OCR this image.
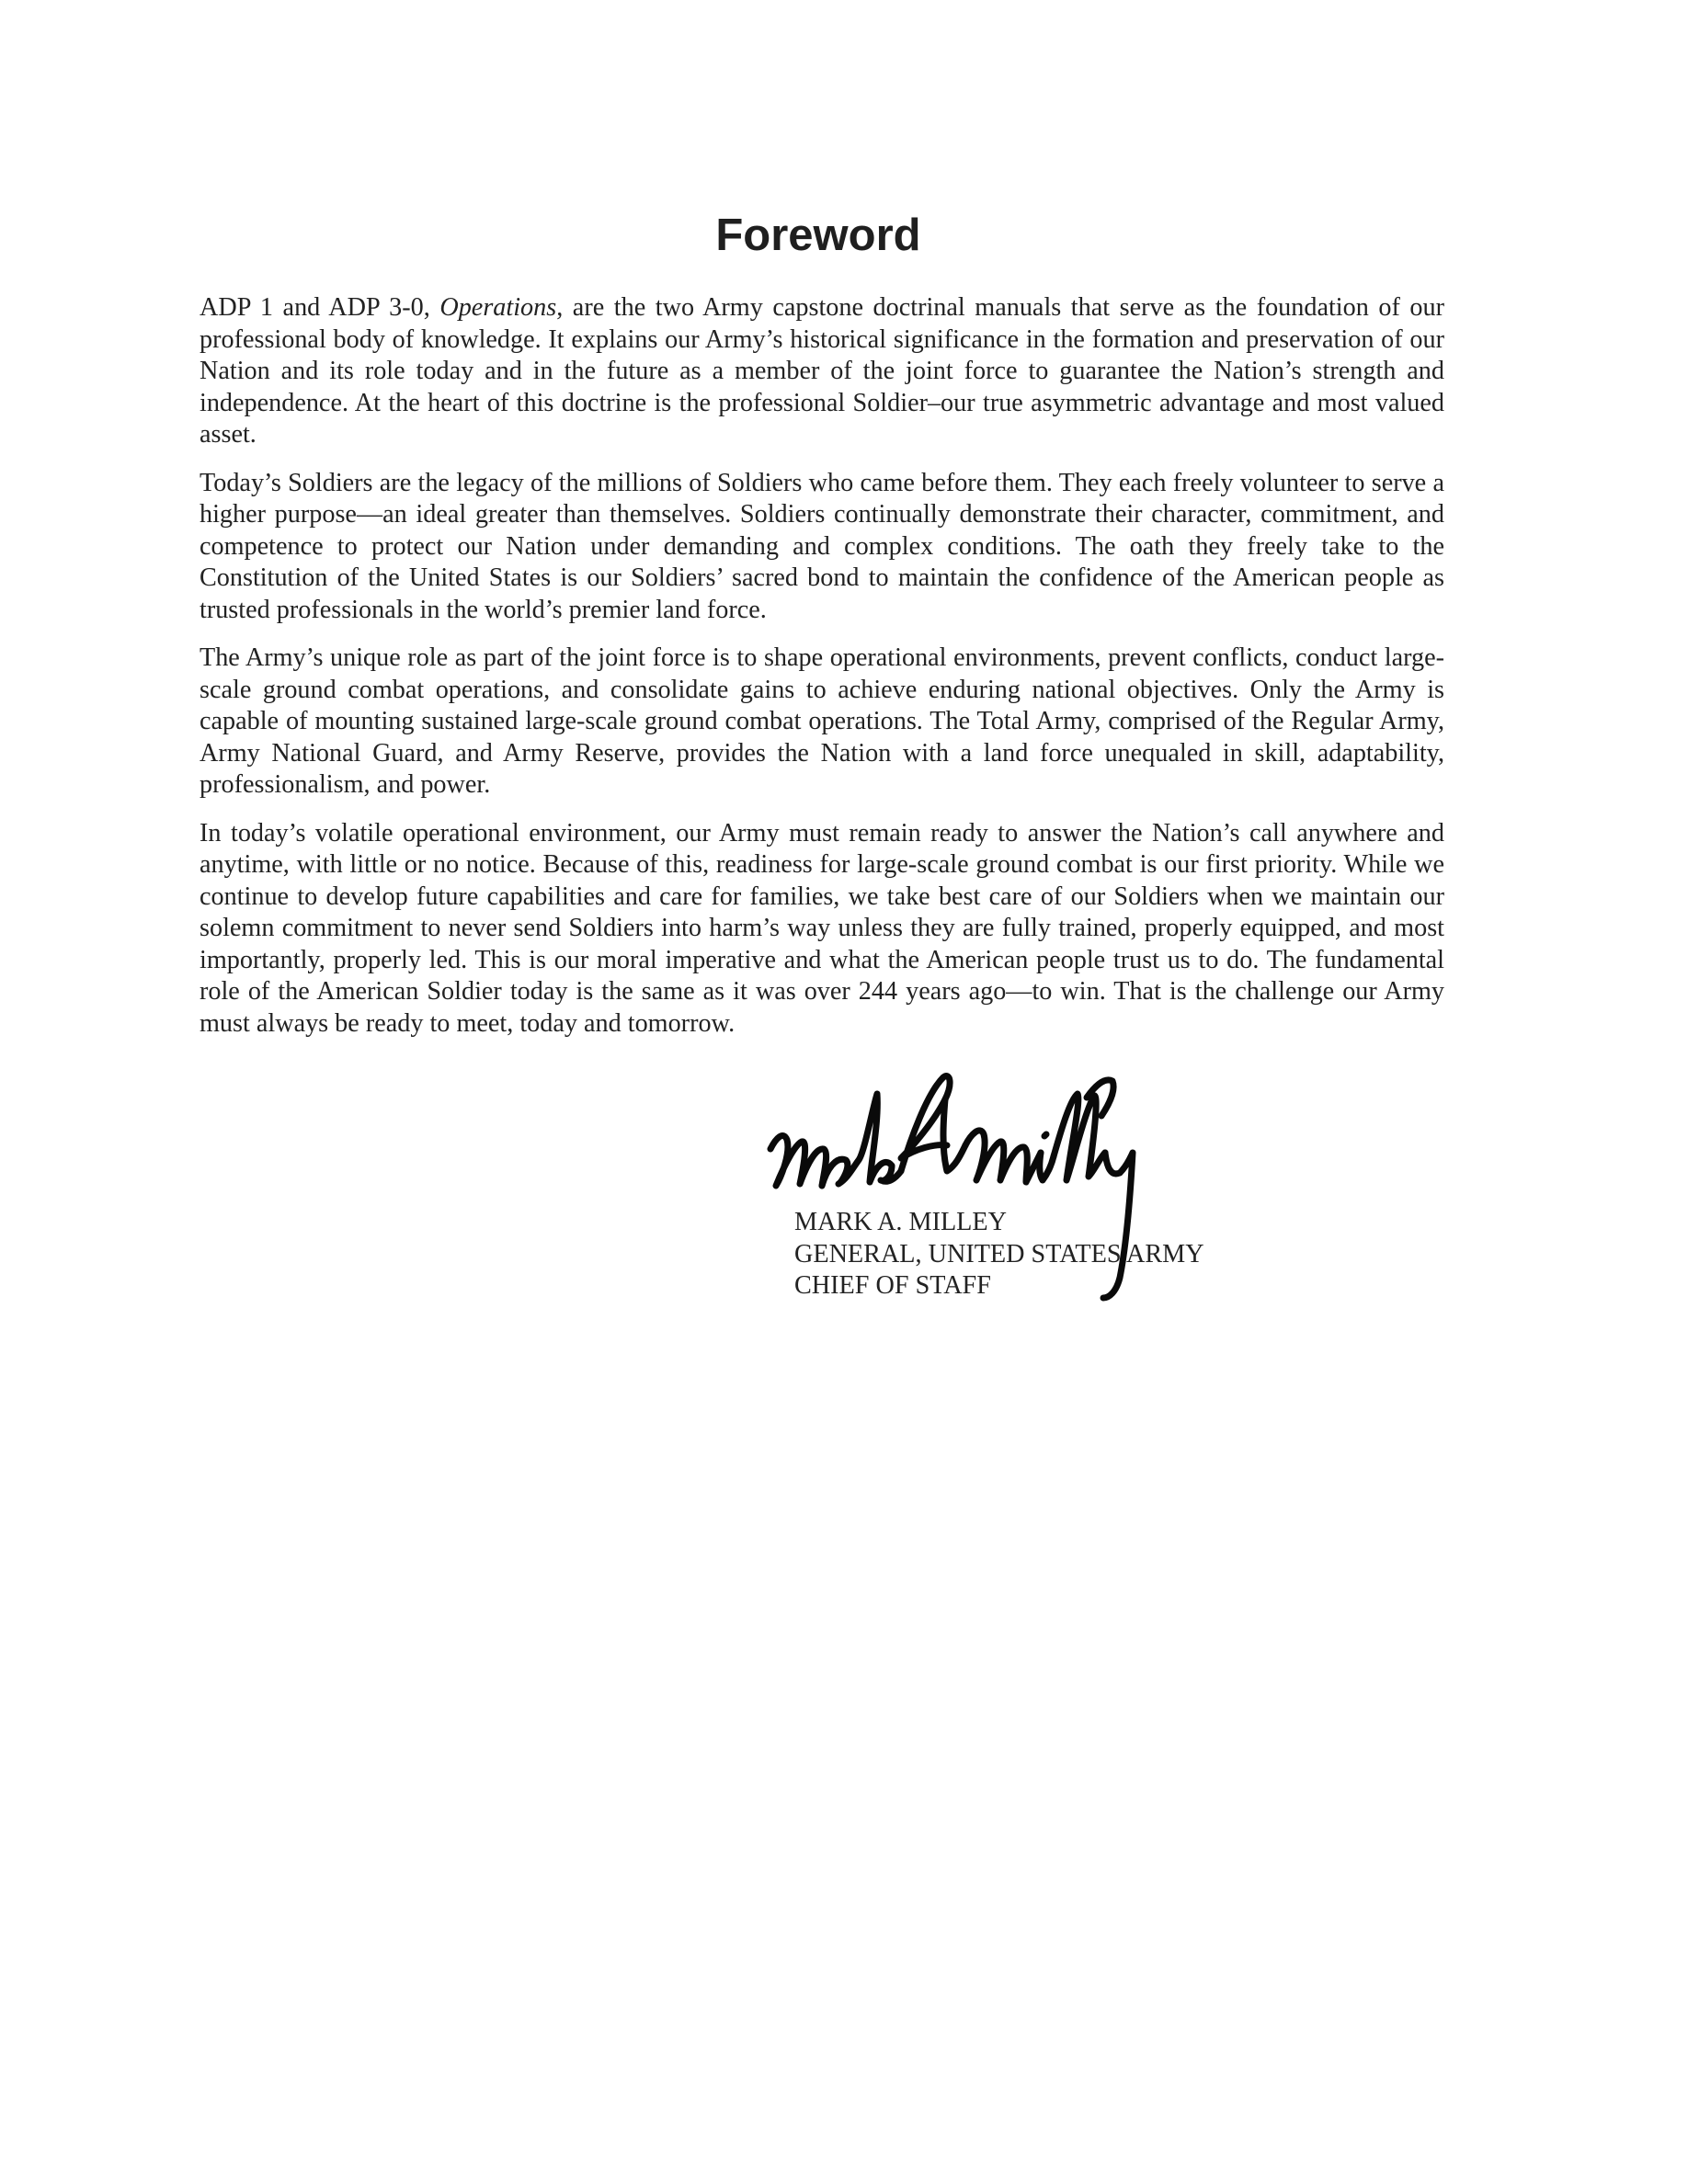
Foreword

ADP 1 and ADP 3-0, Operations, are the two Army capstone doctrinal manuals that serve as the foundation of our professional body of knowledge. It explains our Army’s historical significance in the formation and preservation of our Nation and its role today and in the future as a member of the joint force to guarantee the Nation’s strength and independence. At the heart of this doctrine is the professional Soldier–our true asymmetric advantage and most valued asset.

Today’s Soldiers are the legacy of the millions of Soldiers who came before them. They each freely volunteer to serve a higher purpose—an ideal greater than themselves. Soldiers continually demonstrate their character, commitment, and competence to protect our Nation under demanding and complex conditions. The oath they freely take to the Constitution of the United States is our Soldiers’ sacred bond to maintain the confidence of the American people as trusted professionals in the world’s premier land force.

The Army’s unique role as part of the joint force is to shape operational environments, prevent conflicts, conduct large-scale ground combat operations, and consolidate gains to achieve enduring national objectives. Only the Army is capable of mounting sustained large-scale ground combat operations. The Total Army, comprised of the Regular Army, Army National Guard, and Army Reserve, provides the Nation with a land force unequaled in skill, adaptability, professionalism, and power.

In today’s volatile operational environment, our Army must remain ready to answer the Nation’s call anywhere and anytime, with little or no notice. Because of this, readiness for large-scale ground combat is our first priority. While we continue to develop future capabilities and care for families, we take best care of our Soldiers when we maintain our solemn commitment to never send Soldiers into harm’s way unless they are fully trained, properly equipped, and most importantly, properly led. This is our moral imperative and what the American people trust us to do. The fundamental role of the American Soldier today is the same as it was over 244 years ago—to win. That is the challenge our Army must always be ready to meet, today and tomorrow.

MARK A. MILLEY
GENERAL, UNITED STATES ARMY
CHIEF OF STAFF
